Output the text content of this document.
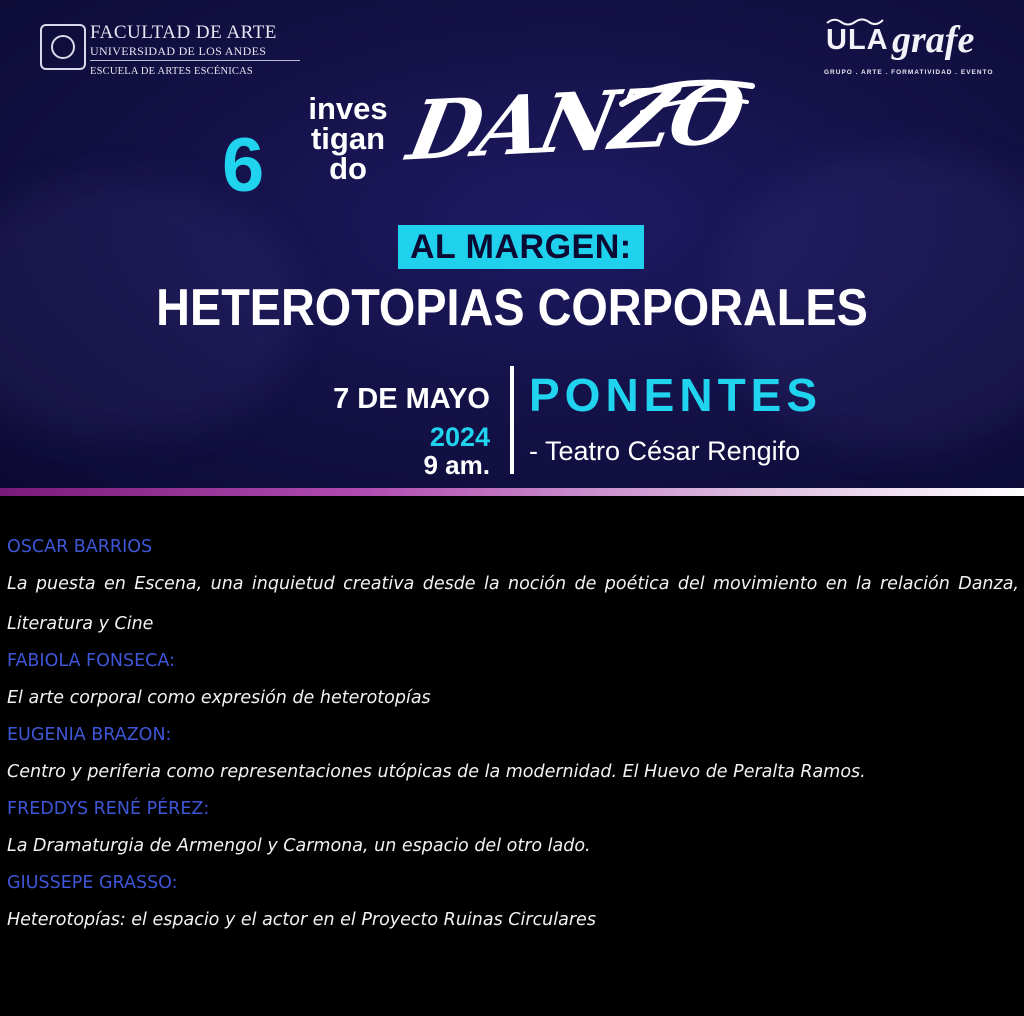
FACULTAD DE ARTE
UNIVERSIDAD DE LOS ANDES
ESCUELA DE ARTES ESCÉNICAS
ULA grafe
GRUPO . ARTE . FORMATIVIDAD . EVENTO
6
inves
tigan
do DANZO
AL MARGEN:
HETEROTOPIAS CORPORALES
7 DE MAYO
2024
9 am.
PONENTES
- Teatro César Rengifo
OSCAR BARRIOS
La puesta en Escena, una inquietud creativa desde la noción de poética del movimiento en la relación Danza, Literatura y Cine
FABIOLA FONSECA:
El arte corporal como expresión de heterotopías
EUGENIA BRAZON:
Centro y periferia como representaciones utópicas de la modernidad. El Huevo de Peralta Ramos.
FREDDYS RENÉ PÉREZ:
La Dramaturgia de Armengol y Carmona, un espacio del otro lado.
GIUSSEPE GRASSO:
Heterotopías: el espacio y el actor en el Proyecto Ruinas Circulares
